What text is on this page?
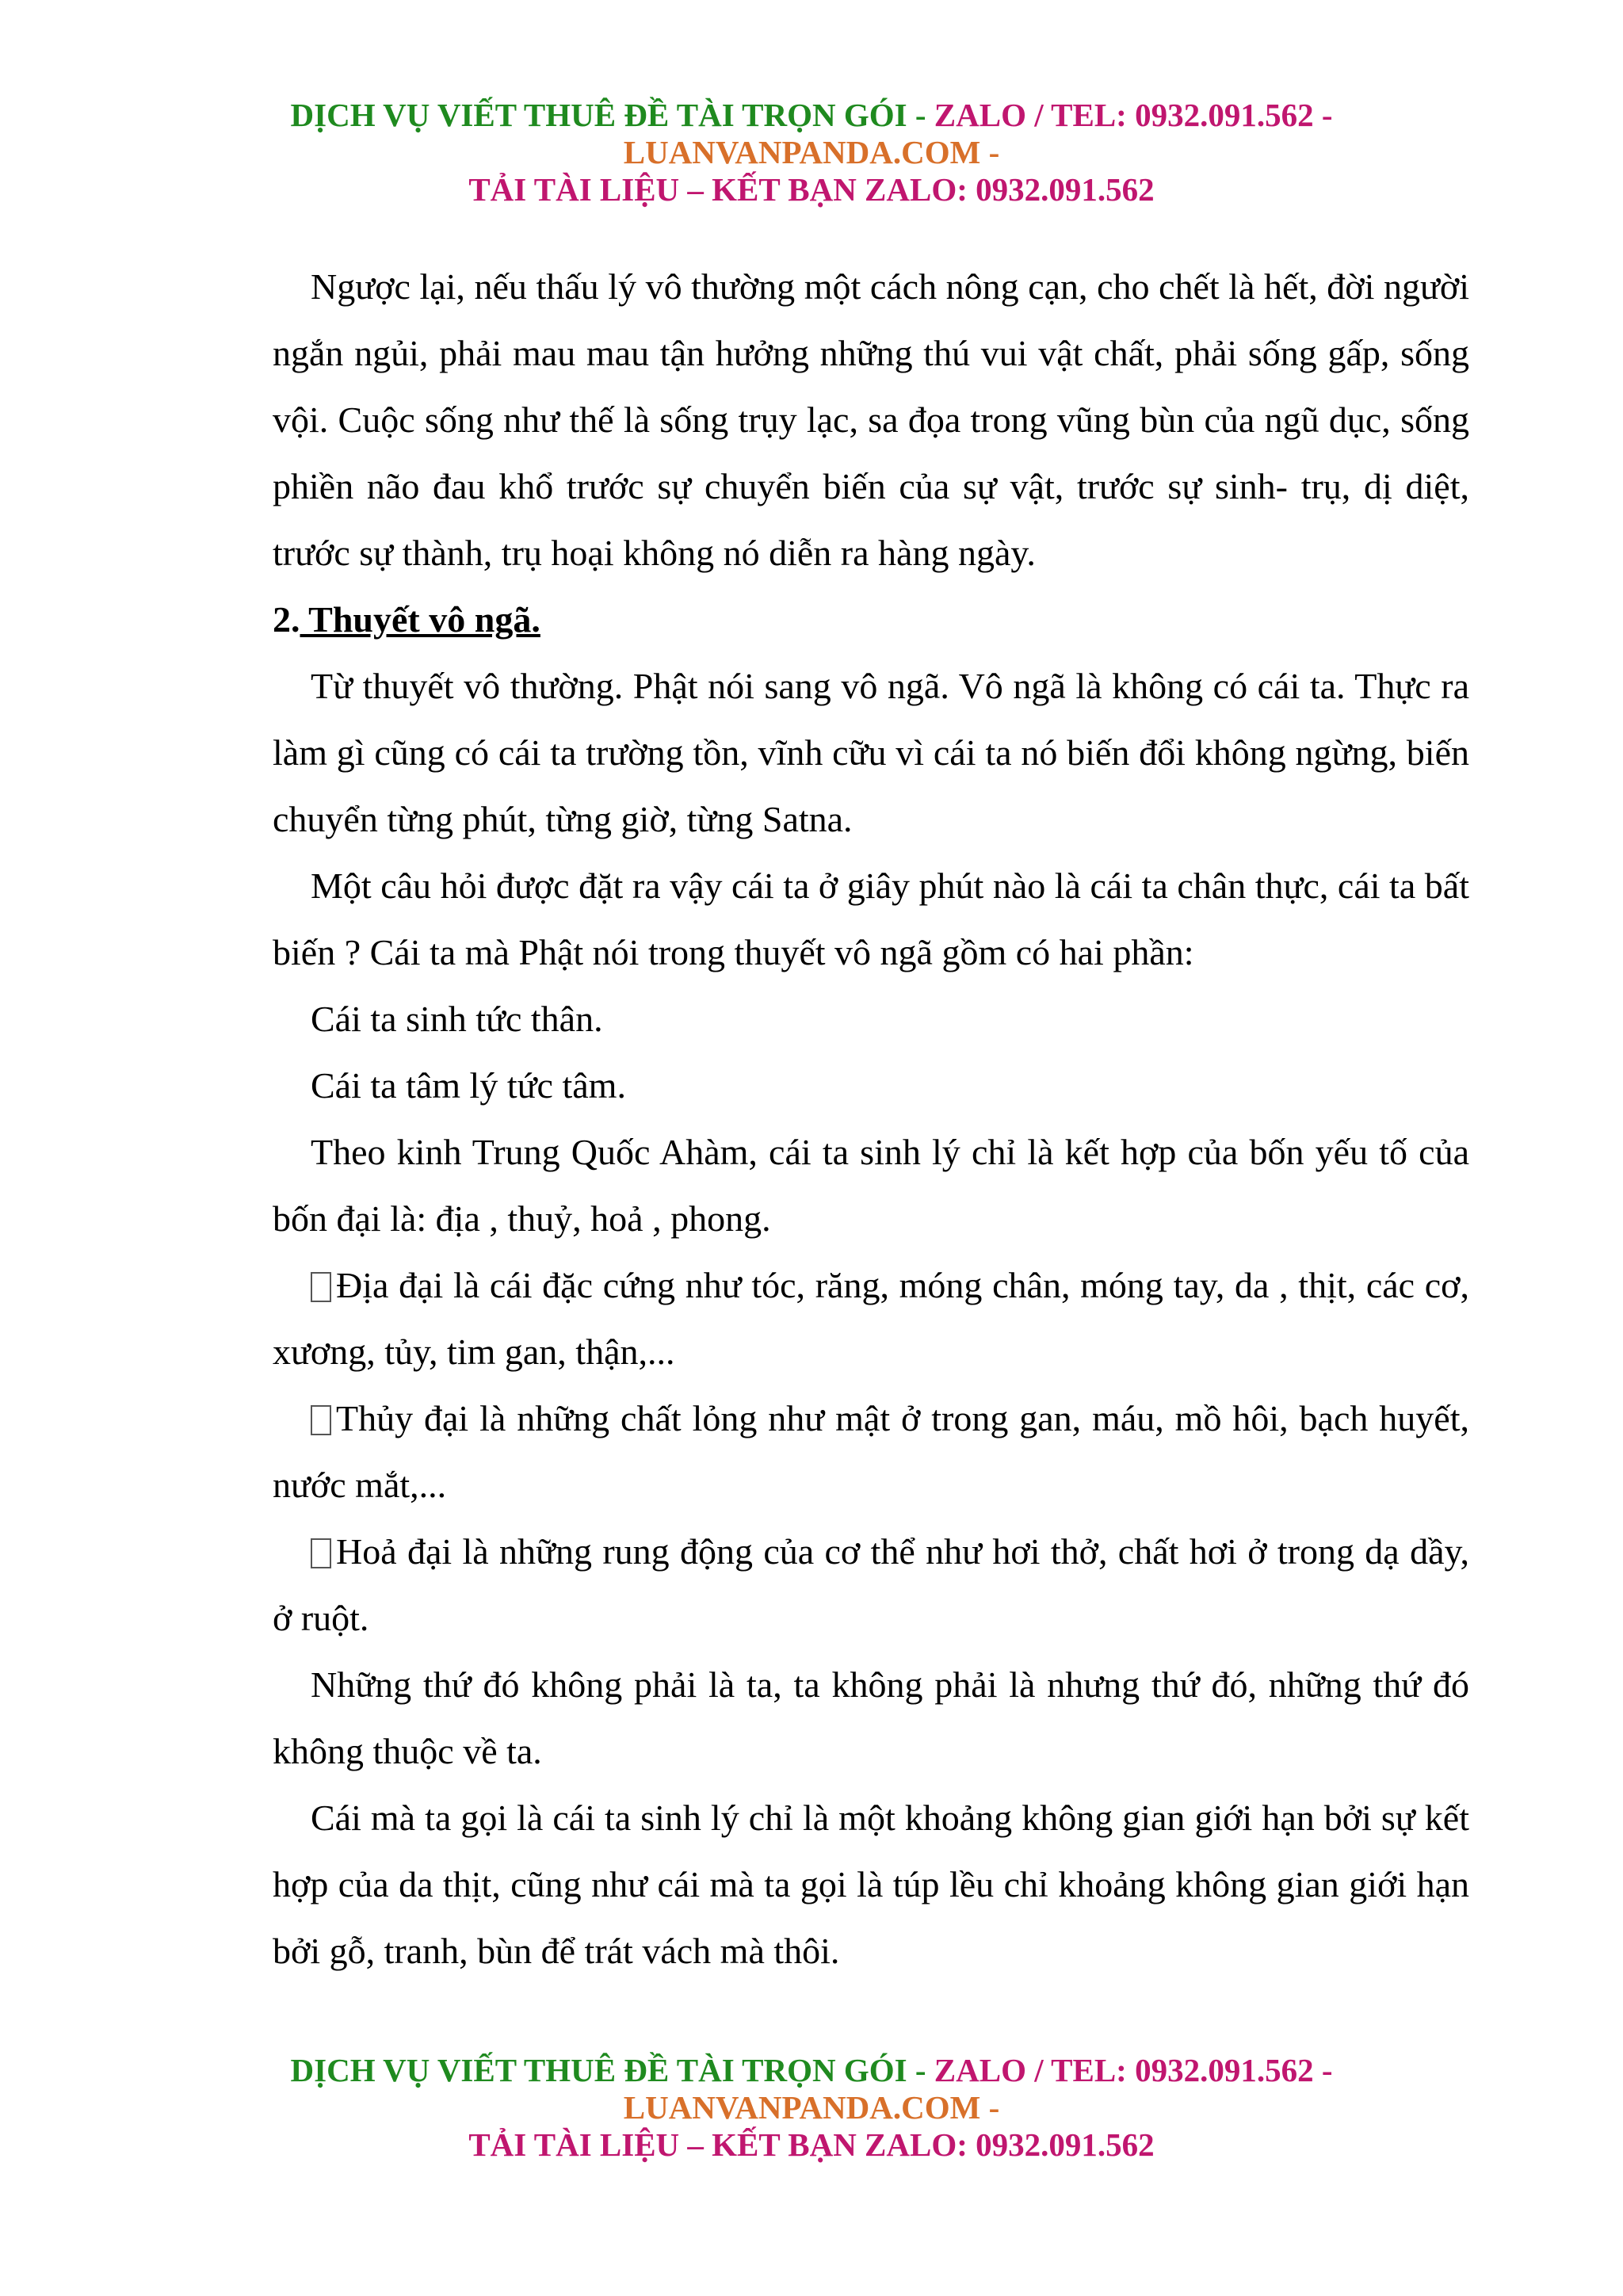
DỊCH VỤ VIẾT THUÊ ĐỀ TÀI TRỌN GÓI - ZALO / TEL: 0932.091.562 -
LUANVANPANDA.COM -
TẢI TÀI LIỆU – KẾT BẠN ZALO: 0932.091.562

Ngược lại, nếu thấu lý vô thường một cách nông cạn, cho chết là hết, đời người ngắn ngủi, phải mau mau tận hưởng những thú vui vật chất, phải sống gấp, sống vội. Cuộc sống như thế là sống trụy lạc, sa đọa trong vũng bùn của ngũ dục, sống phiền não đau khổ trước sự chuyển biến của sự vật, trước sự sinh- trụ, dị diệt, trước sự thành, trụ hoại không nó diễn ra hàng ngày.

2. Thuyết vô ngã.

Từ thuyết vô thường. Phật nói sang vô ngã. Vô ngã là không có cái ta. Thực ra làm gì cũng có cái ta trường tồn, vĩnh cữu vì cái ta nó biến đổi không ngừng, biến chuyển từng phút, từng giờ, từng Satna.

Một câu hỏi được đặt ra vậy cái ta ở giây phút nào là cái ta chân thực, cái ta bất biến ? Cái ta mà Phật nói trong thuyết vô ngã gồm có hai phần:

Cái ta sinh tức thân.

Cái ta tâm lý tức tâm.

Theo kinh Trung Quốc Ahàm, cái ta sinh lý chỉ là kết hợp của bốn yếu tố của bốn đại là: địa , thuỷ, hoả , phong.

Địa đại là cái đặc cứng như tóc, răng, móng chân, móng tay, da , thịt, các cơ, xương, tủy, tim gan, thận,...

Thủy đại là những chất lỏng như mật ở trong gan, máu, mồ hôi, bạch huyết, nước mắt,...

Hoả đại là những rung động của cơ thể như hơi thở, chất hơi ở trong dạ dầy, ở ruột.

Những thứ đó không phải là ta, ta không phải là nhưng thứ đó, những thứ đó không thuộc về ta.

Cái mà ta gọi là cái ta sinh lý chỉ là một khoảng không gian giới hạn bởi sự kết hợp của da thịt, cũng như cái mà ta gọi là túp lều chỉ khoảng không gian giới hạn bởi gỗ, tranh, bùn để trát vách mà thôi.

DỊCH VỤ VIẾT THUÊ ĐỀ TÀI TRỌN GÓI - ZALO / TEL: 0932.091.562 -
LUANVANPANDA.COM -
TẢI TÀI LIỆU – KẾT BẠN ZALO: 0932.091.562
